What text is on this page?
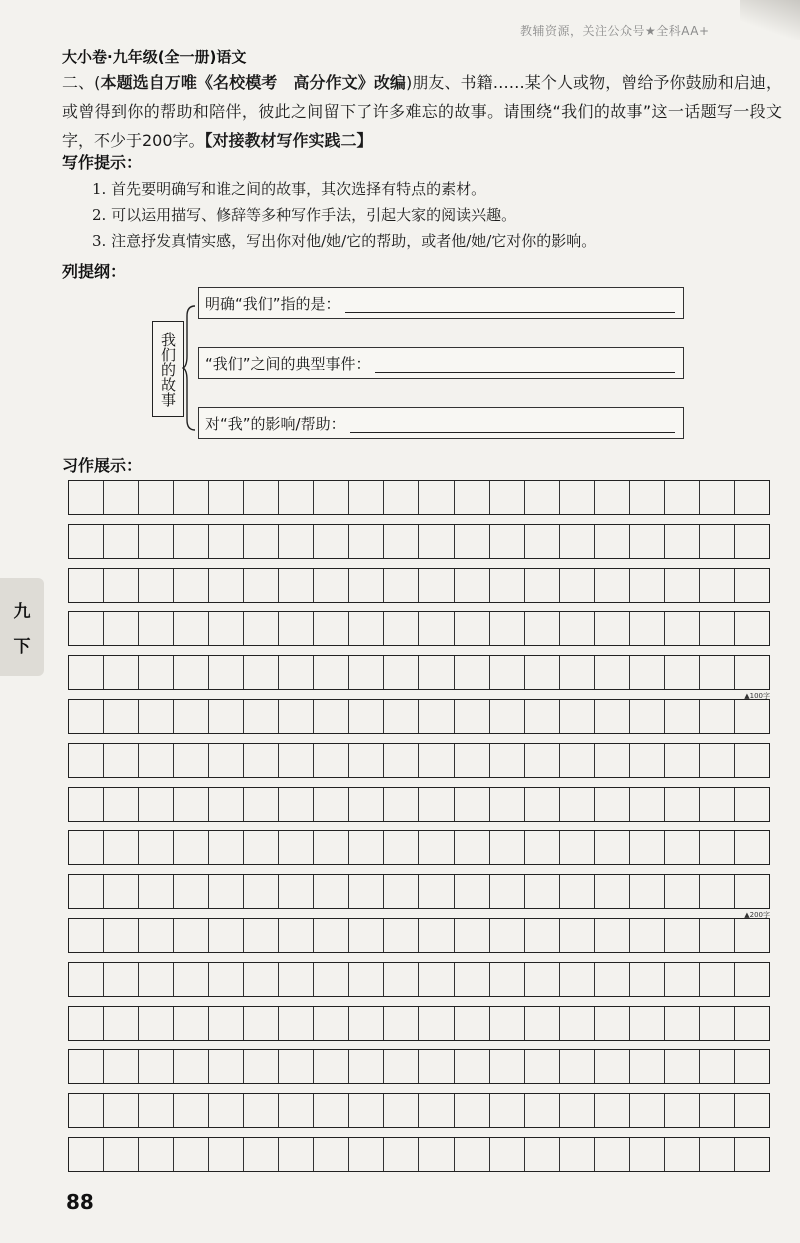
教辅资源，关注公众号★全科AA+
大小卷·九年级(全一册)语文
二、(本题选自万唯《名校模考　高分作文》改编)朋友、书籍……某个人或物，曾给予你鼓励和启迪，或曾得到你的帮助和陪伴，彼此之间留下了许多难忘的故事。请围绕“我们的故事”这一话题写一段文字，不少于200字。【对接教材写作实践二】
写作提示：
1. 首先要明确写和谁之间的故事，其次选择有特点的素材。
2. 可以运用描写、修辞等多种写作手法，引起大家的阅读兴趣。
3. 注意抒发真情实感，写出你对他/她/它的帮助，或者他/她/它对你的影响。
列提纲：
我们的故事
明确“我们”指的是：
“我们”之间的典型事件：
对“我”的影响/帮助：
习作展示：
▲100字
▲200字
九
下
88
